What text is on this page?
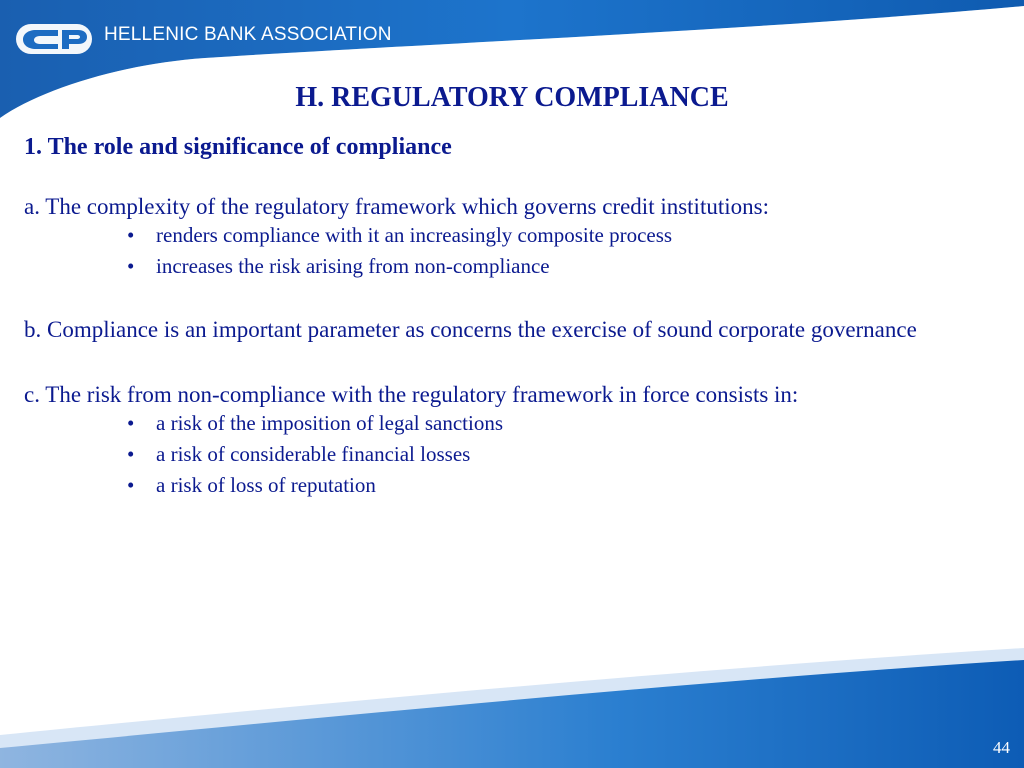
HELLENIC BANK ASSOCIATION
H. REGULATORY COMPLIANCE

1. The role and significance of compliance

a. The complexity of the regulatory framework which governs credit institutions:

• renders compliance with it an increasingly composite process
• increases the risk arising from non-compliance

b. Compliance is an important parameter as concerns the exercise of sound corporate governance

c. The risk from non-compliance with the regulatory framework in force consists in:

• a risk of the imposition of legal sanctions
• a risk of considerable financial losses
• a risk of loss of reputation
44
